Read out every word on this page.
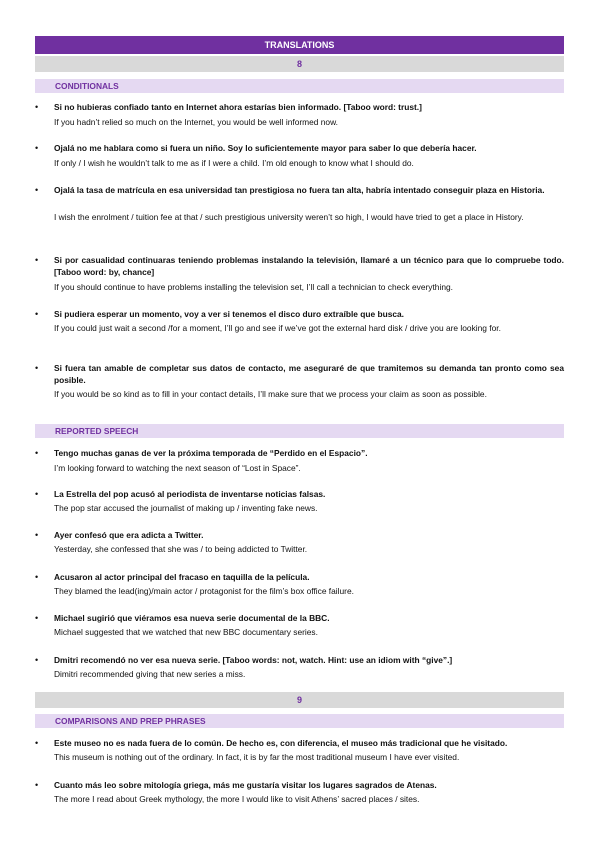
TRANSLATIONS
8
CONDITIONALS
• Si no hubieras confiado tanto en Internet ahora estarías bien informado. [Taboo word: trust.]
If you hadn’t relied so much on the Internet, you would be well informed now.
• Ojalá no me hablara como si fuera un niño. Soy lo suficientemente mayor para saber lo que debería hacer.
If only / I wish he wouldn’t talk to me as if I were a child. I’m old enough to know what I should do.
• Ojalá la tasa de matrícula en esa universidad tan prestigiosa no fuera tan alta, habría intentado conseguir plaza en Historia.
I wish the enrolment / tuition fee at that / such prestigious university weren’t so high, I would have tried to get a place in History.
• Si por casualidad continuaras teniendo problemas instalando la televisión, llamaré a un técnico para que lo compruebe todo. [Taboo word: by, chance]
If you should continue to have problems installing the television set, I’ll call a technician to check everything.
• Si pudiera esperar un momento, voy a ver si tenemos el disco duro extraíble que busca.
If you could just wait a second /for a moment, I’ll go and see if we’ve got the external hard disk / drive you are looking for.
• Si fuera tan amable de completar sus datos de contacto, me aseguraré de que tramitemos su demanda tan pronto como sea posible.
If you would be so kind as to fill in your contact details, I’ll make sure that we process your claim as soon as possible.
REPORTED SPEECH
• Tengo muchas ganas de ver la próxima temporada de “Perdido en el Espacio”.
I’m looking forward to watching the next season of “Lost in Space”.
• La Estrella del pop acusó al periodista de inventarse noticias falsas.
The pop star accused the journalist of making up / inventing fake news.
• Ayer confesó que era adicta a Twitter.
Yesterday, she confessed that she was / to being addicted to Twitter.
• Acusaron al actor principal del fracaso en taquilla de la película.
They blamed the lead(ing)/main actor / protagonist for the film’s box office failure.
• Michael sugirió que viéramos esa nueva serie documental de la BBC.
Michael suggested that we watched that new BBC documentary series.
• Dmitri recomendó no ver esa nueva serie. [Taboo words: not, watch. Hint: use an idiom with “give”.]
Dimitri recommended giving that new series a miss.
9
COMPARISONS AND PREP PHRASES
• Este museo no es nada fuera de lo común. De hecho es, con diferencia, el museo más tradicional que he visitado.
This museum is nothing out of the ordinary. In fact, it is by far the most traditional museum I have ever visited.
• Cuanto más leo sobre mitología griega, más me gustaría visitar los lugares sagrados de Atenas.
The more I read about Greek mythology, the more I would like to visit Athens’ sacred places / sites.
